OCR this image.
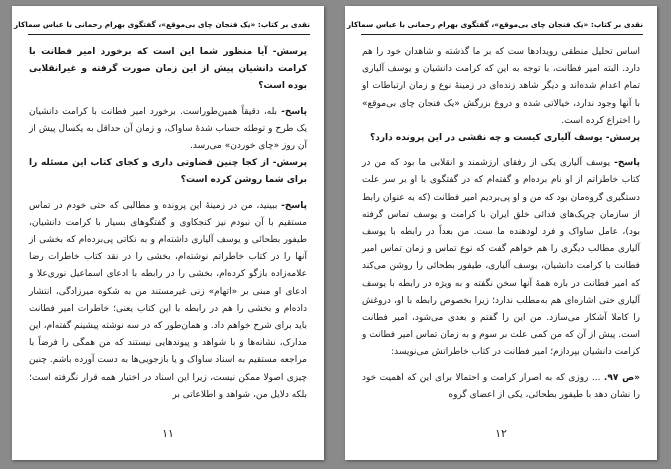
نقدی بر کتاب: «یک فنجان چای بی‌موقع»، گفتگوی بهرام رحمانی با عباس سماکار

پرسش- آیا منظور شما این است که برخورد امیر فطانت با کرامت دانشیان پیش از این زمان صورت گرفته و غیرانقلابی بوده است؟

پاسخ- بله، دقیقاً همین‌طوراست. برخورد امیر فطانت با کرامت دانشیان یک طرح و توطئه حساب شدهٔ ساواک، و زمان آن حداقل به یکسال پیش از آن روز «چای خوردن» می‌رسد.

پرسش- از کجا چنین قضاوتی داری و کجای کتاب این مسئله را برای شما روشن کرده است؟

پاسخ- ببینید، من در زمینهٔ این پرونده و مطالبی که حتی خودم در تماس مستقیم با آن نبودم نیز کنجکاوی و گفتگوهای بسیار با کرامت دانشیان، طیفور بطحائی و یوسف آلیاری داشته‌ام و به نکاتی پی‌برده‌ام که بخشی از آنها را در کتاب خاطراتم نوشته‌ام، بخشی را در نقد کتاب خاطرات رضا علامه‌زاده بازگو کرده‌ام، بخشی را در رابطه با ادعای اسماعیل نوری‌علا و ادعای او مبنی بر «اتهام» زنی غیرمستند من به شکوه میرزادگی، انتشار داده‌ام و بخشی را هم در رابطه با این کتاب یعنی؛ خاطرات امیر فطانت باید برای شرح خواهم داد. و همان‌طور که در سه نوشته پیشینم گفته‌ام، این مدارک، نشانه‌ها و با شواهد و پیوندهایی نیستند که من همگی را فرضاً با مراجعه مستقیم به اسناد ساواک و یا بازجویی‌ها به دست آورده باشم. چنین چیزی اصولا ممکن نیست، زیرا این اسناد در اختیار همه قرار نگرفته است؛ بلکه دلایل من، شواهد و اطلاعاتی بر

١١
نقدی بر کتاب: «یک فنجان چای بی‌موقع»، گفتگوی بهرام رحمانی با عباس سماکار

اساس تحلیل منطقی رویدادها ست که بر ما گذشته و شاهدان خود را هم دارد. البته امیر فطانت، با توجه به این که کرامت دانشیان و یوسف آلیاری تمام اعدام شده‌اند و دیگر شاهد زنده‌ای در زمینهٔ نوع و زمان ارتباطات او با آنها وجود ندارد، خیالاتی شده و دروغ بزرگش «یک فنجان چای بی‌موقع» را اختراع کرده است.

پرسش- یوسف آلیاری کیست و چه نقشی در این پرونده دارد؟

پاسخ- یوسف آلیاری یکی از رفقای ارزشمند و انقلابی ما بود که من در کتاب خاطراتم از او نام برده‌ام و گفته‌ام که در گفتگوی با او بر سر علت دستگیری گروه‌مان بود که من و او پی‌بردیم امیر فطانت (که به عنوان رابط از سازمان چریک‌های فدائی خلق ایران با کرامت و یوسف تماس گرفته بود)، عامل ساواک و فرد لودهنده ما ست. من بعداً در رابطه با یوسف آلیاری مطالب دیگری را هم خواهم گفت که نوع تماس و زمان تماس امیر فطانت با کرامت دانشیان، یوسف آلیاری، طیفور بطحائی را روشن می‌کند که امیر فطانت در باره همهٔ آنها سخن نگفته و به ویژه در رابطه با یوسف آلیاری حتی اشاره‌ای هم به‌مطلب ندارد؛ زیرا بخصوص رابطه با او، دروغش را کاملا آشکار می‌سازد. من این را گفتم و بعدی می‌شود، امیر فطانت است. پیش از آن که من کمی علت بر سوم و به زمان تماس امیر فطانت و کرامت دانشیان بپردازم؛ امیر فطانت در کتاب خاطراتش می‌نویسد:

«ص ٩٧. ... روزی که به اصرار کرامت و احتمالا برای این که اهمیت خود را نشان دهد با طیفور بطحائی، یکی از اعضای گروه

١٢
